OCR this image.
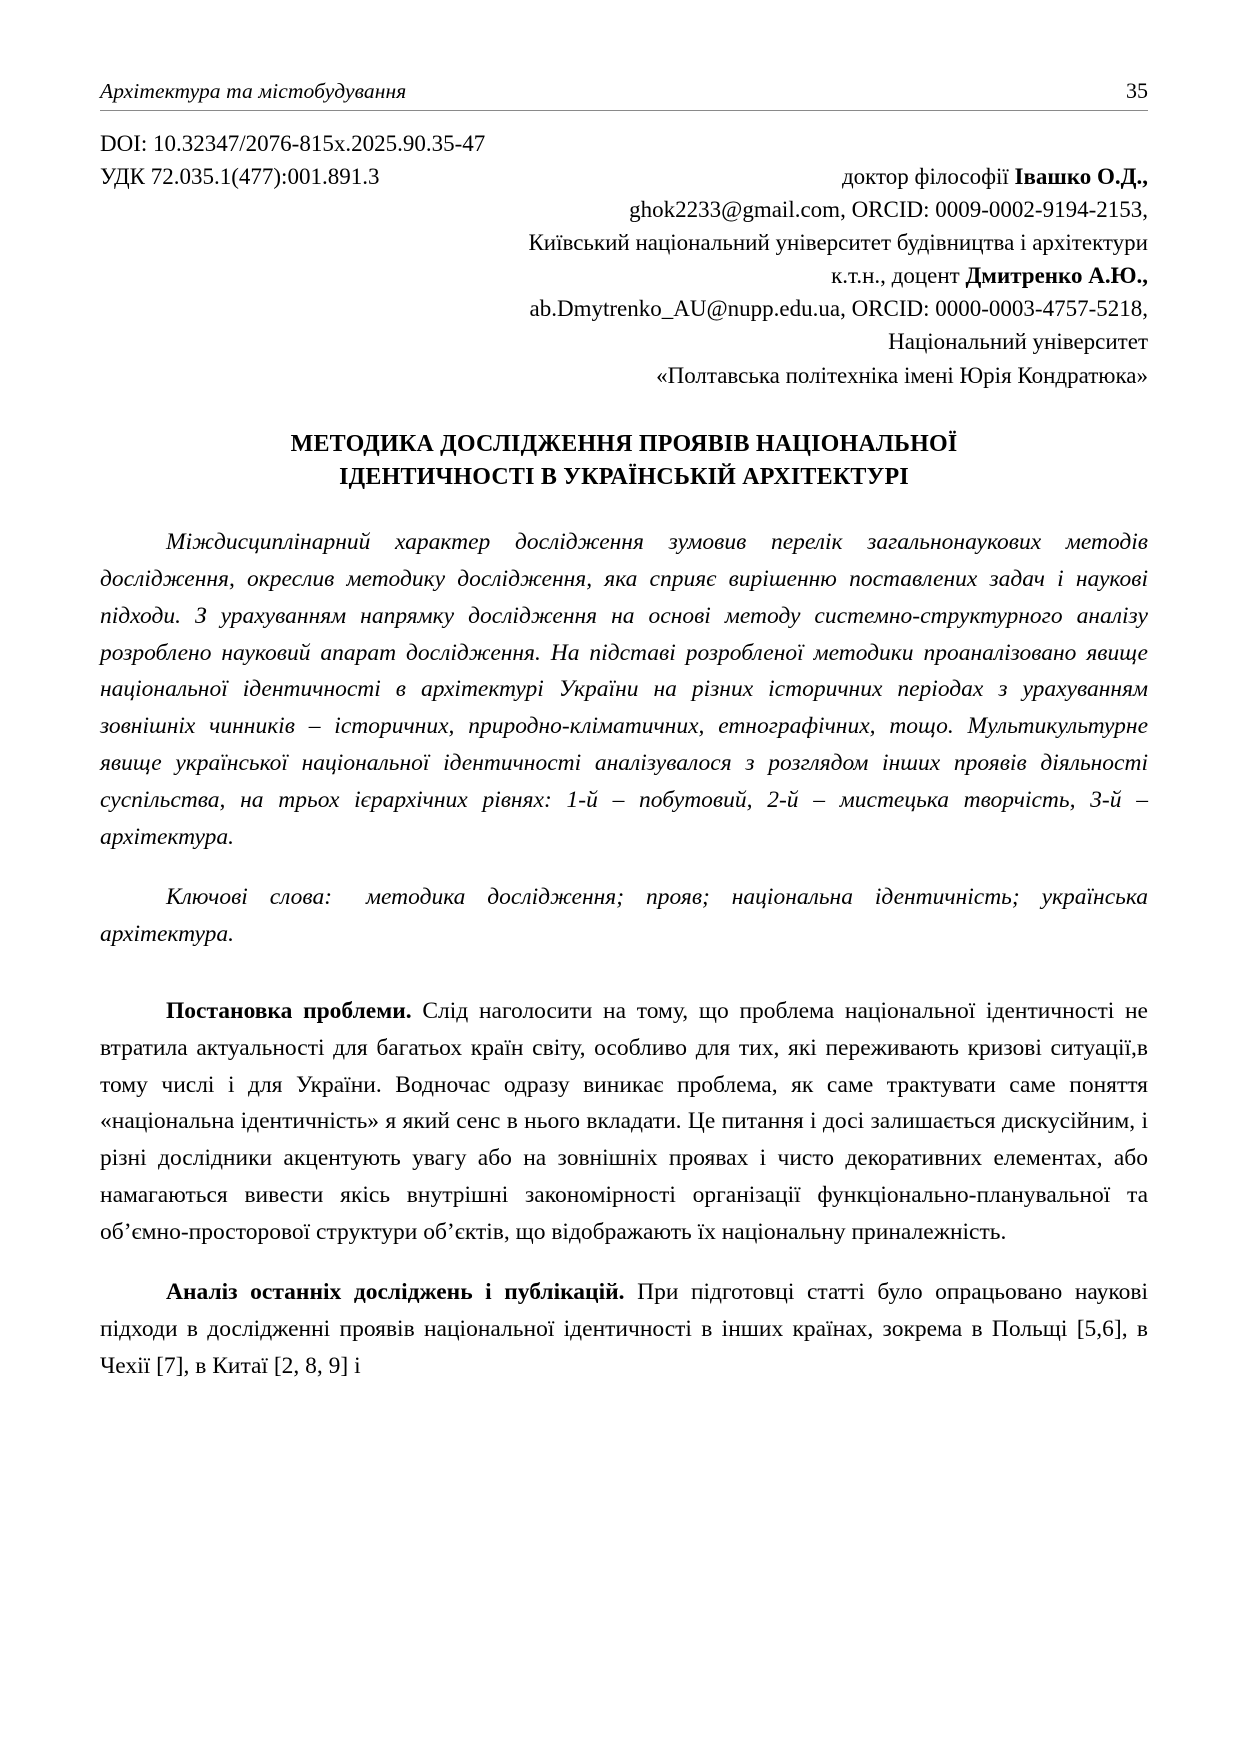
Архітектура та містобудування	35
DOI: 10.32347/2076-815x.2025.90.35-47
УДК 72.035.1(477):001.891.3	доктор філософії Івашко О.Д.,
ghok2233@gmail.com, ORCID: 0009-0002-9194-2153,
Київський національний університет будівництва і архітектури
к.т.н., доцент Дмитренко А.Ю.,
ab.Dmytrenko_AU@nupp.edu.ua, ORCID: 0000-0003-4757-5218,
Національний університет
«Полтавська політехніка імені Юрія Кондратюка»
МЕТОДИКА ДОСЛІДЖЕННЯ ПРОЯВІВ НАЦІОНАЛЬНОЇ
ІДЕНТИЧНОСТІ В УКРАЇНСЬКІЙ АРХІТЕКТУРІ

Міждисциплінарний характер дослідження зумовив перелік загальнонаукових методів дослідження, окреслив методику дослідження, яка сприяє вирішенню поставлених задач і наукові підходи. З урахуванням напрямку дослідження на основі методу системно-структурного аналізу розроблено науковий апарат дослідження. На підставі розробленої методики проаналізовано явище національної ідентичності в архітектурі України на різних історичних періодах з урахуванням зовнішніх чинників – історичних, природно-кліматичних, етнографічних, тощо. Мультикультурне явище української національної ідентичності аналізувалося з розглядом інших проявів діяльності суспільства, на трьох ієрархічних рівнях: 1-й – побутовий, 2-й – мистецька творчість, 3-й – архітектура.

Ключові слова: методика дослідження; прояв; національна ідентичність; українська архітектура.

Постановка проблеми. Слід наголосити на тому, що проблема національної ідентичності не втратила актуальності для багатьох країн світу, особливо для тих, які переживають кризові ситуації,в тому числі і для України. Водночас одразу виникає проблема, як саме трактувати саме поняття «національна ідентичність» я який сенс в нього вкладати. Це питання і досі залишається дискусійним, і різні дослідники акцентують увагу або на зовнішніх проявах і чисто декоративних елементах, або намагаються вивести якісь внутрішні закономірності організації функціонально-планувальної та об’ємно-просторової структури об’єктів, що відображають їх національну приналежність.

Аналіз останніх досліджень і публікацій. При підготовці статті було опрацьовано наукові підходи в дослідженні проявів національної ідентичності в інших країнах, зокрема в Польщі [5,6], в Чехії [7], в Китаї [2, 8, 9] і
